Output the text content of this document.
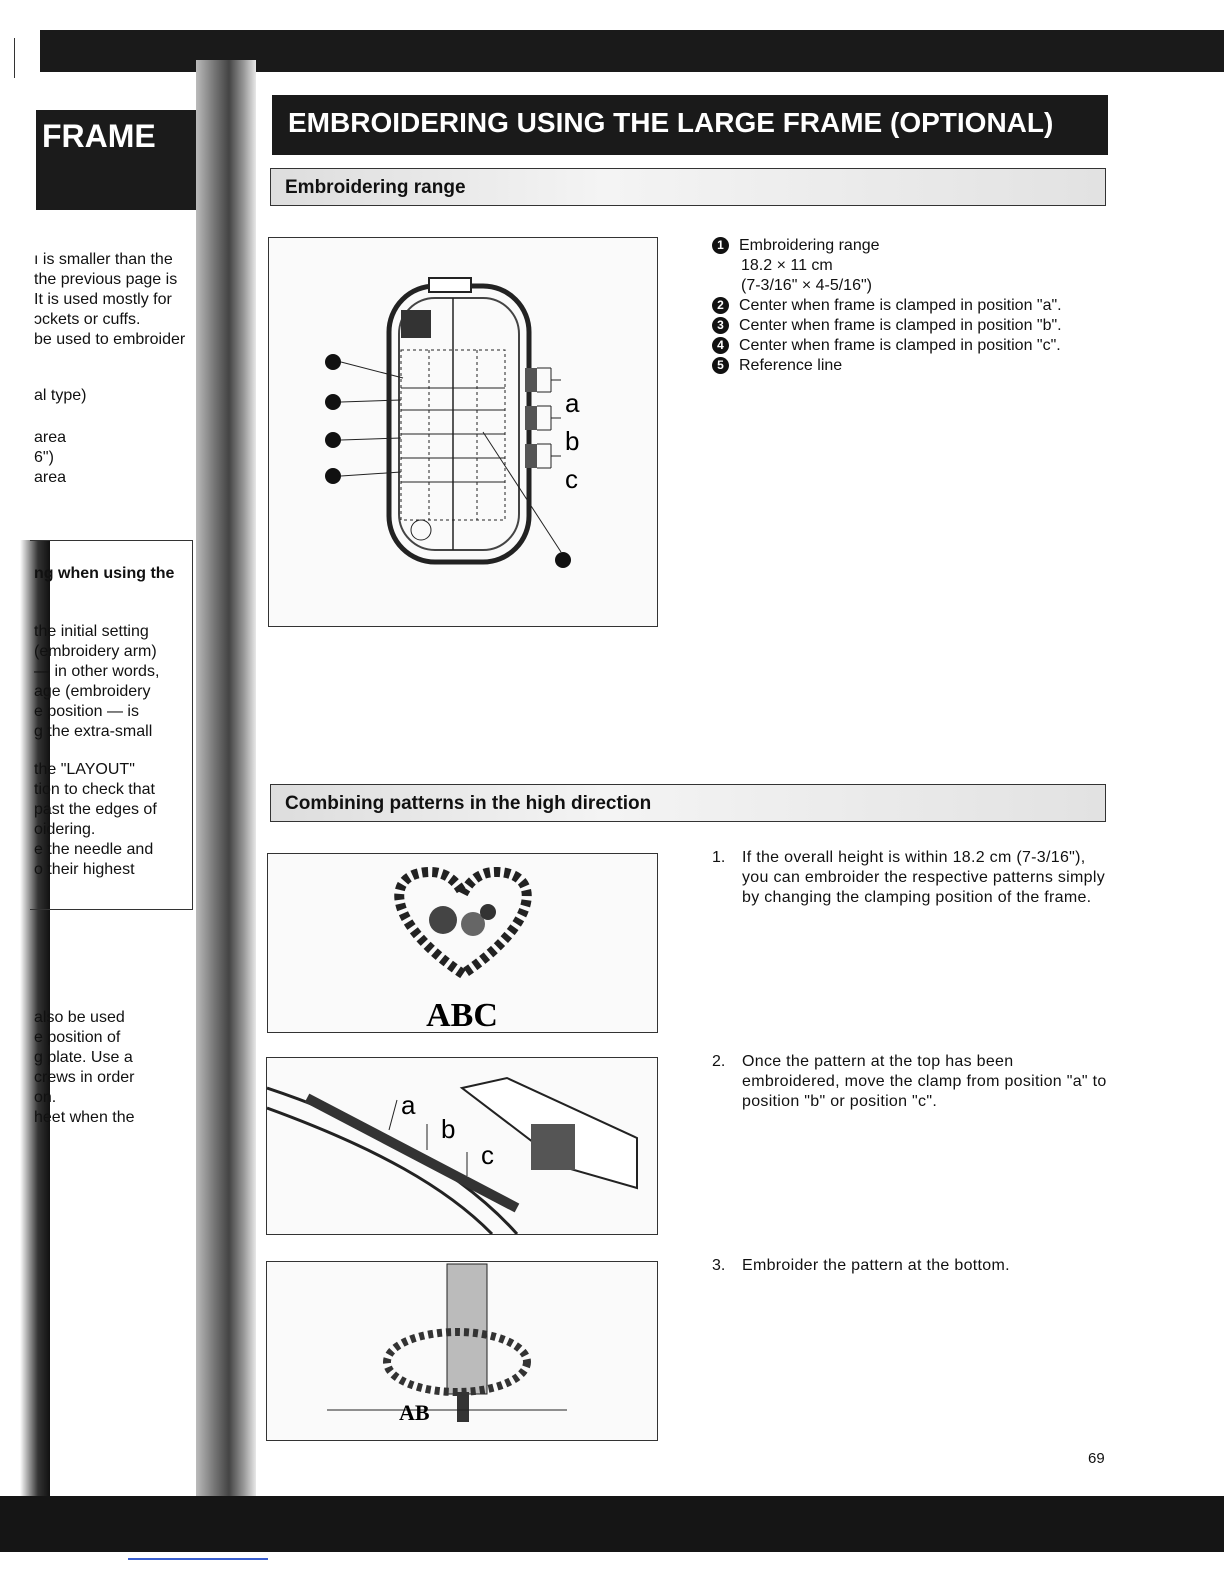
FRAME
ı is smaller than the
the previous page is
It is used mostly for
ɔckets or cuffs.
be used to embroider
al type)
area
6")
area
ng when using the
the initial setting
(embroidery arm)
— in other words,
age (embroidery
e position — is
g the extra-small
the "LAYOUT"
tion to check that
past the edges of
oidering.
e the needle and
o their highest
also be used
e position of
g plate. Use a
crews in order
on.
heet when the
EMBROIDERING USING THE LARGE FRAME (OPTIONAL)
Embroidering range
a
b
c
1 Embroidering range
18.2 × 11 cm
(7-3/16" × 4-5/16")
2 Center when frame is clamped in position "a".
3 Center when frame is clamped in position "b".
4 Center when frame is clamped in position "c".
5 Reference line
Combining patterns in the high direction
ABC
a
b
c
AB
1. If the overall height is within 18.2 cm (7-3/16"), you can embroider the respective patterns simply by changing the clamping position of the frame.
2. Once the pattern at the top has been embroidered, move the clamp from position "a" to position "b" or position "c".
3. Embroider the pattern at the bottom.
69
